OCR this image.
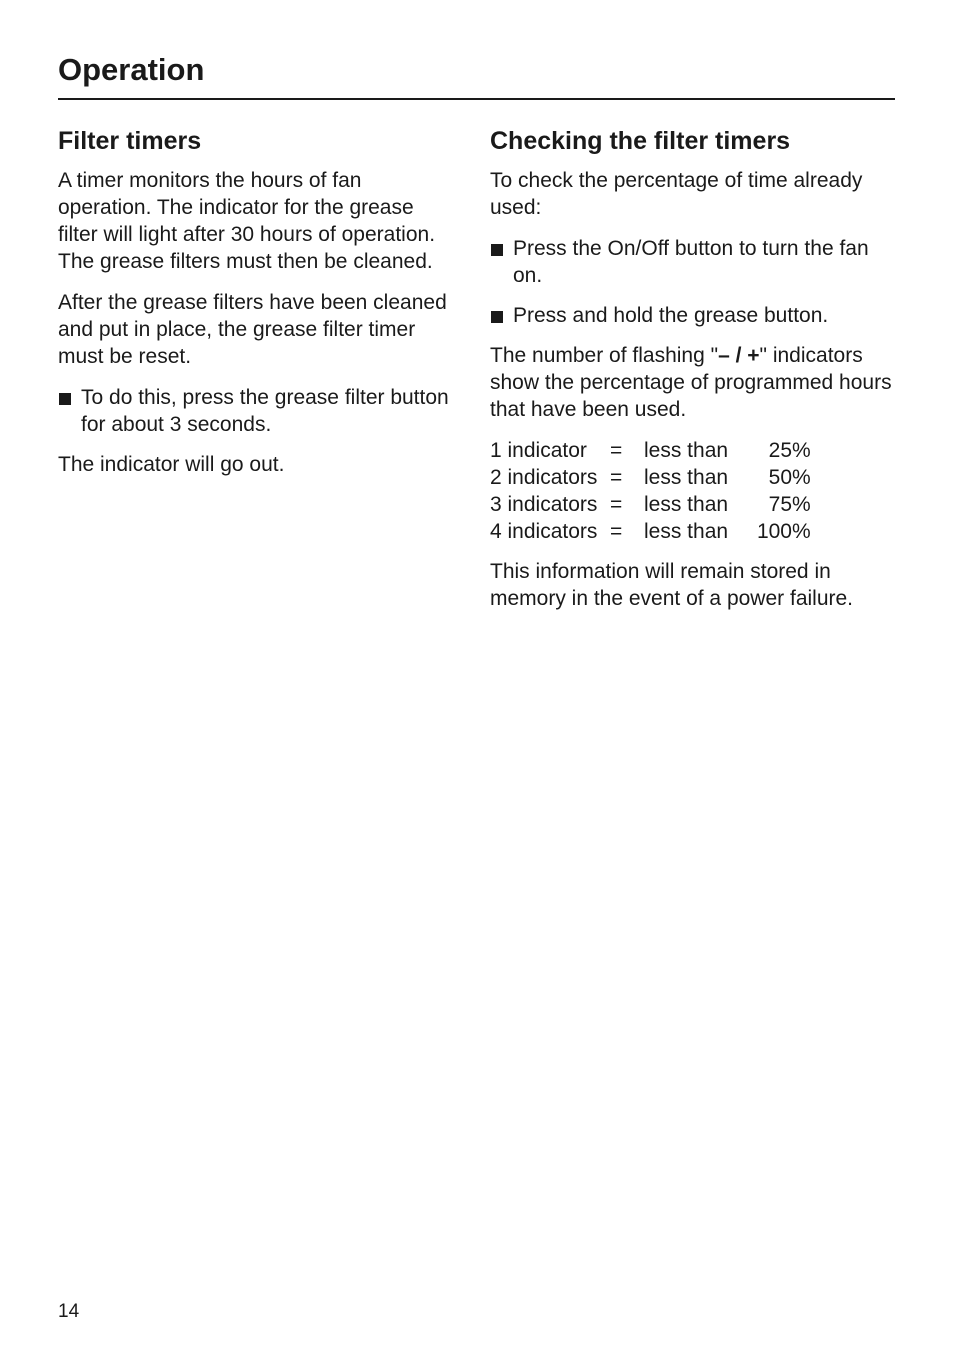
Operation
Filter timers

A timer monitors the hours of fan operation. The indicator for the grease filter will light after 30 hours of operation. The grease filters must then be cleaned.

After the grease filters have been cleaned and put in place, the grease filter timer must be reset.

To do this, press the grease filter button for about 3 seconds.

The indicator will go out.

Checking the filter timers

To check the percentage of time already used:

Press the On/Off button to turn the fan on.
Press and hold the grease button.

The number of flashing "– / +" indicators show the percentage of programmed hours that have been used.

1 indicator	=	less than	25	%
2 indicators	=	less than	50	%
3 indicators	=	less than	75	%
4 indicators	=	less than	100	%

This information will remain stored in memory in the event of a power failure.

14
